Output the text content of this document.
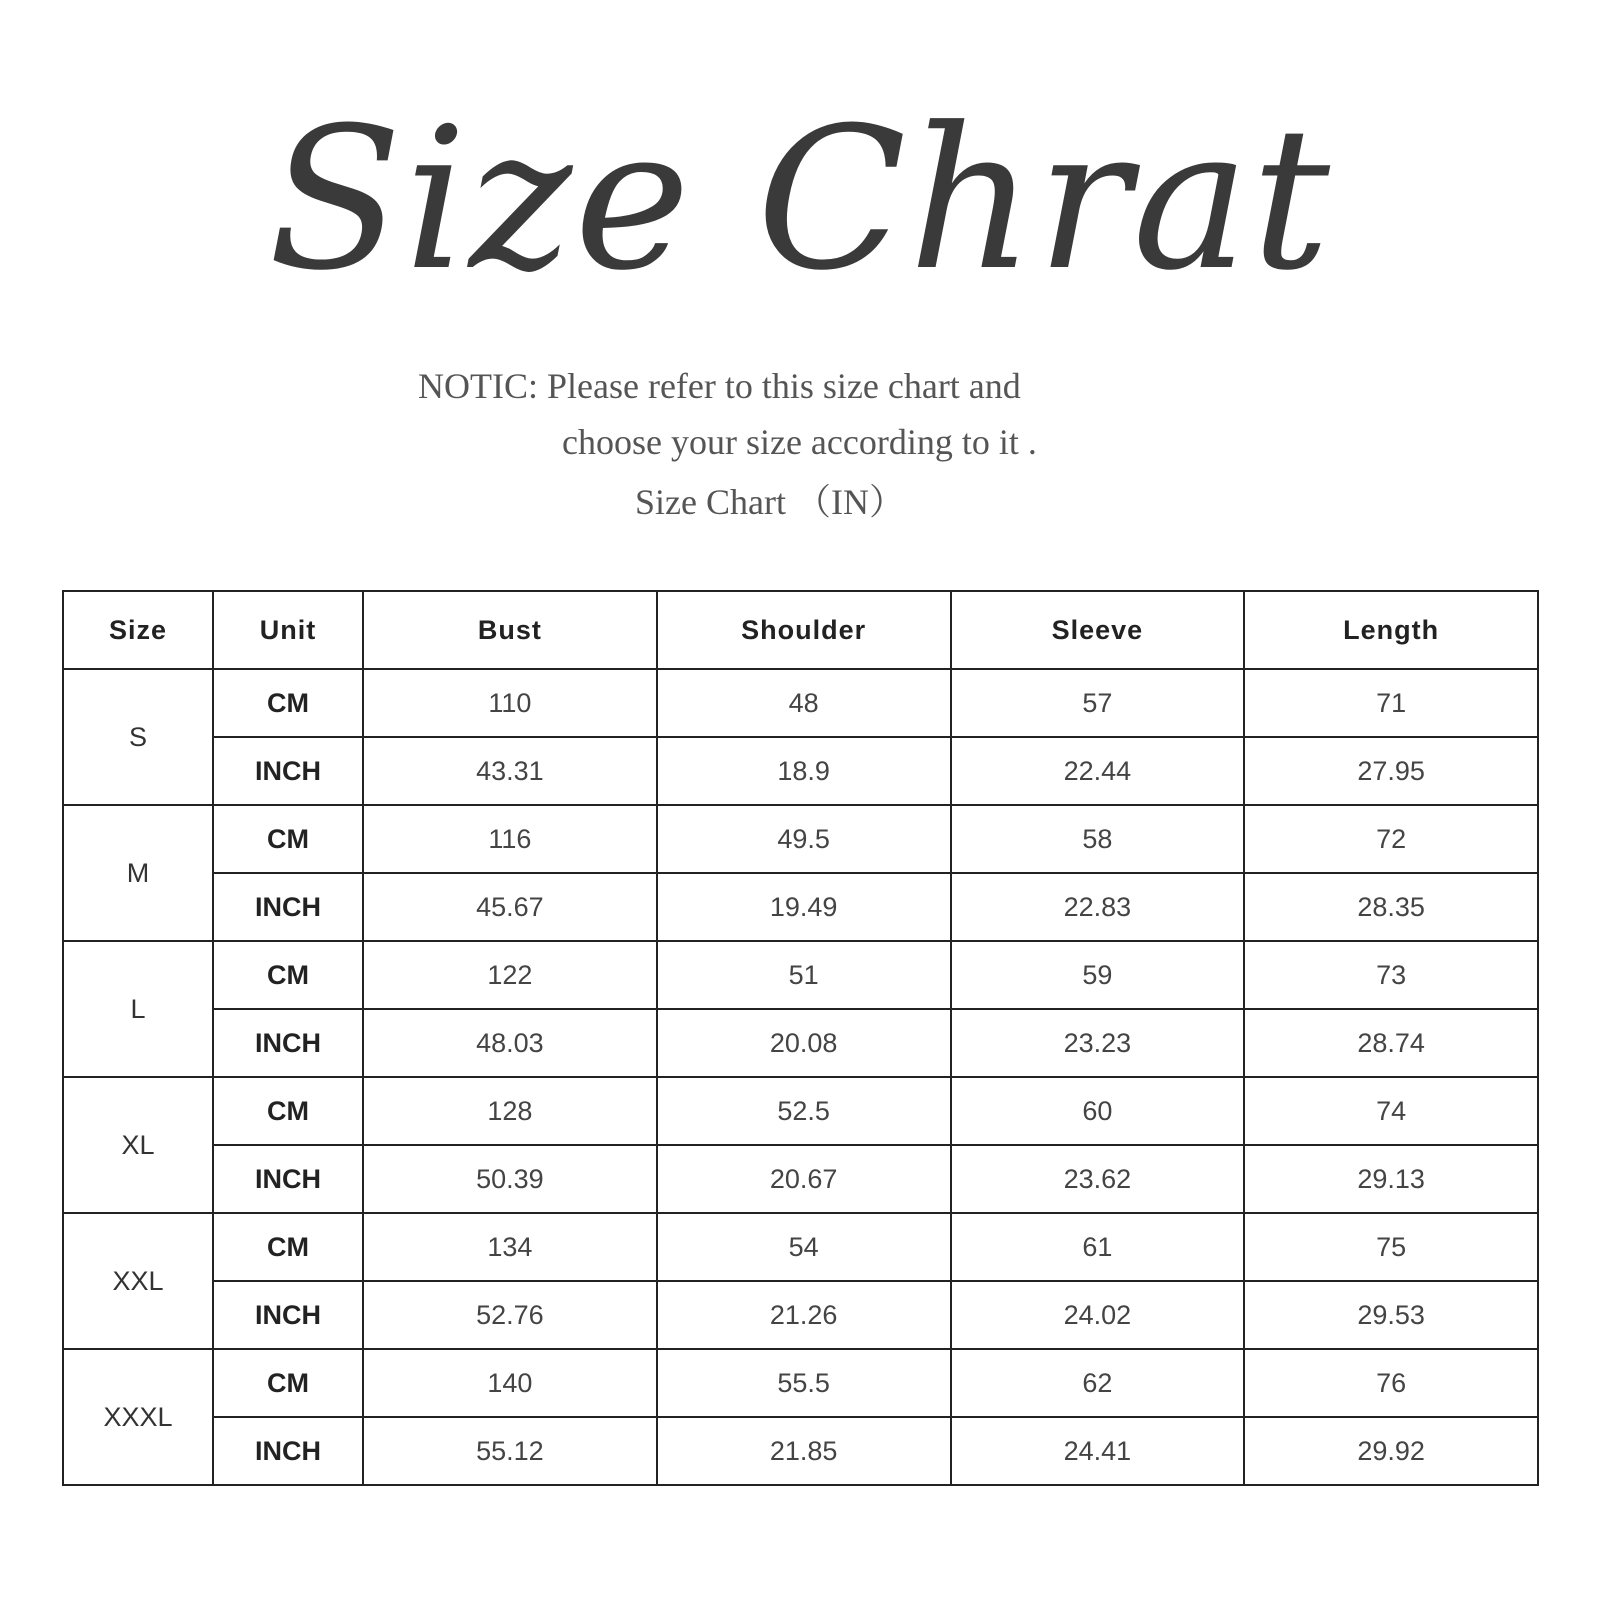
Size Chrat
NOTIC: Please refer to this size chart and
choose your size according to it .
Size Chart （IN）
Size	Unit	Bust	Shoulder	Sleeve	Length
S	CM	110	48	57	71
	INCH	43.31	18.9	22.44	27.95
M	CM	116	49.5	58	72
	INCH	45.67	19.49	22.83	28.35
L	CM	122	51	59	73
	INCH	48.03	20.08	23.23	28.74
XL	CM	128	52.5	60	74
	INCH	50.39	20.67	23.62	29.13
XXL	CM	134	54	61	75
	INCH	52.76	21.26	24.02	29.53
XXXL	CM	140	55.5	62	76
	INCH	55.12	21.85	24.41	29.92
